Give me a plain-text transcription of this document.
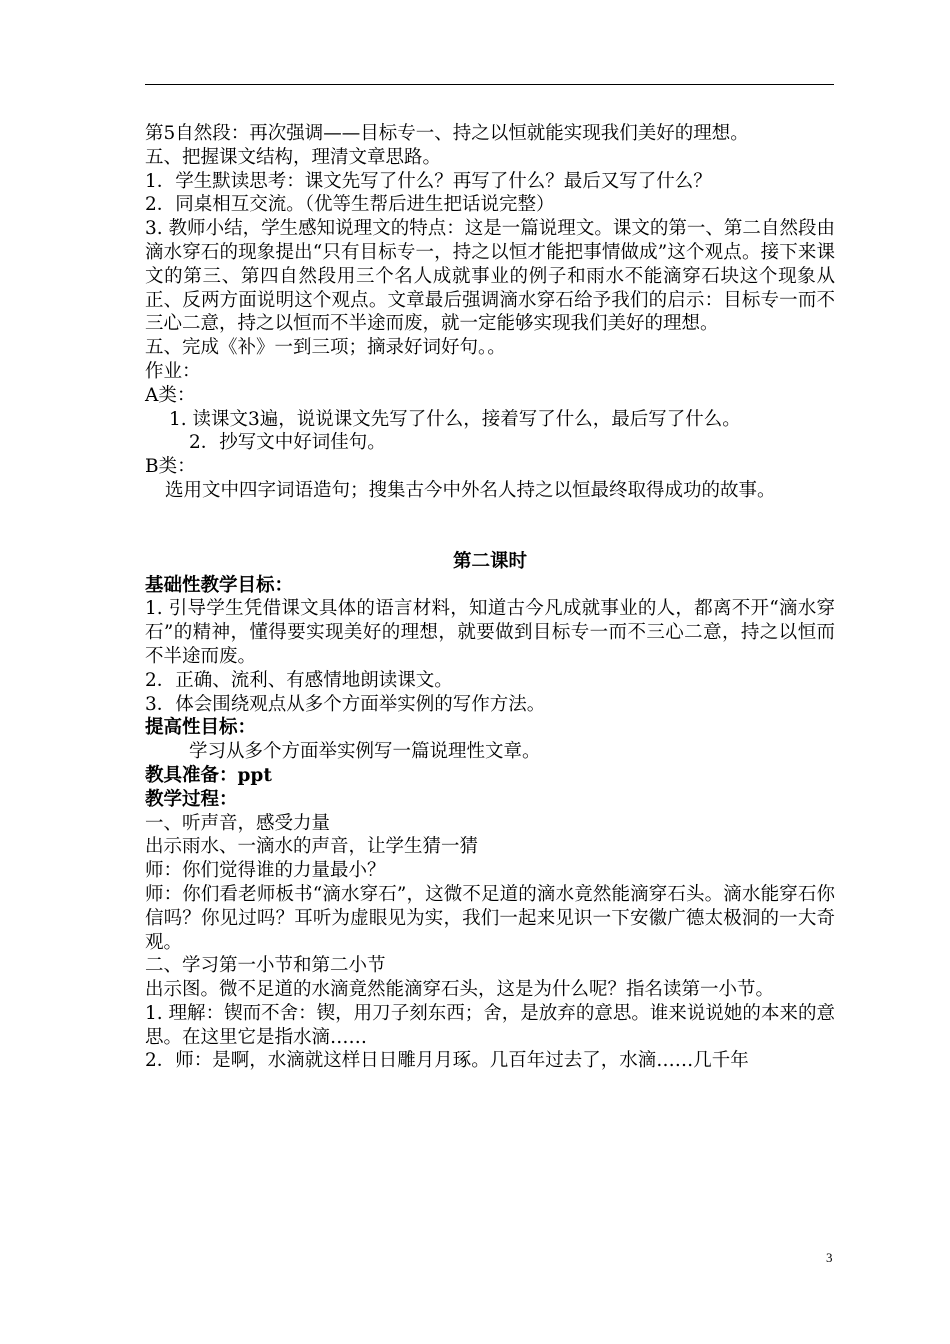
第5自然段：再次强调——目标专一、持之以恒就能实现我们美好的理想。

五、把握课文结构，理清文章思路。

1．学生默读思考：课文先写了什么？再写了什么？最后又写了什么？

2．同桌相互交流。（优等生帮后进生把话说完整）

3. 教师小结，学生感知说理文的特点：这是一篇说理文。课文的第一、第二自然段由滴水穿石的现象提出“只有目标专一，持之以恒才能把事情做成”这个观点。接下来课文的第三、第四自然段用三个名人成就事业的例子和雨水不能滴穿石块这个现象从正、反两方面说明这个观点。文章最后强调滴水穿石给予我们的启示：目标专一而不三心二意，持之以恒而不半途而废，就一定能够实现我们美好的理想。

五、完成《补》一到三项；摘录好词好句。。

作业：

A类：

1. 读课文3遍，说说课文先写了什么，接着写了什么，最后写了什么。

2．抄写文中好词佳句。

B类：

选用文中四字词语造句；搜集古今中外名人持之以恒最终取得成功的故事。

第二课时

基础性教学目标：

1. 引导学生凭借课文具体的语言材料，知道古今凡成就事业的人，都离不开“滴水穿石”的精神，懂得要实现美好的理想，就要做到目标专一而不三心二意，持之以恒而不半途而废。

2．正确、流利、有感情地朗读课文。

3．体会围绕观点从多个方面举实例的写作方法。

提高性目标：

学习从多个方面举实例写一篇说理性文章。

教具准备：ppt

教学过程：

一、听声音，感受力量

出示雨水、一滴水的声音，让学生猜一猜

师：你们觉得谁的力量最小？

师：你们看老师板书“滴水穿石”，这微不足道的滴水竟然能滴穿石头。滴水能穿石你信吗？你见过吗？耳听为虚眼见为实，我们一起来见识一下安徽广德太极洞的一大奇观。

二、学习第一小节和第二小节

出示图。微不足道的水滴竟然能滴穿石头，这是为什么呢？指名读第一小节。

1. 理解：锲而不舍：锲，用刀子刻东西；舍，是放弃的意思。谁来说说她的本来的意思。在这里它是指水滴……

2．师：是啊，水滴就这样日日雕月月琢。几百年过去了，水滴……几千年

3
